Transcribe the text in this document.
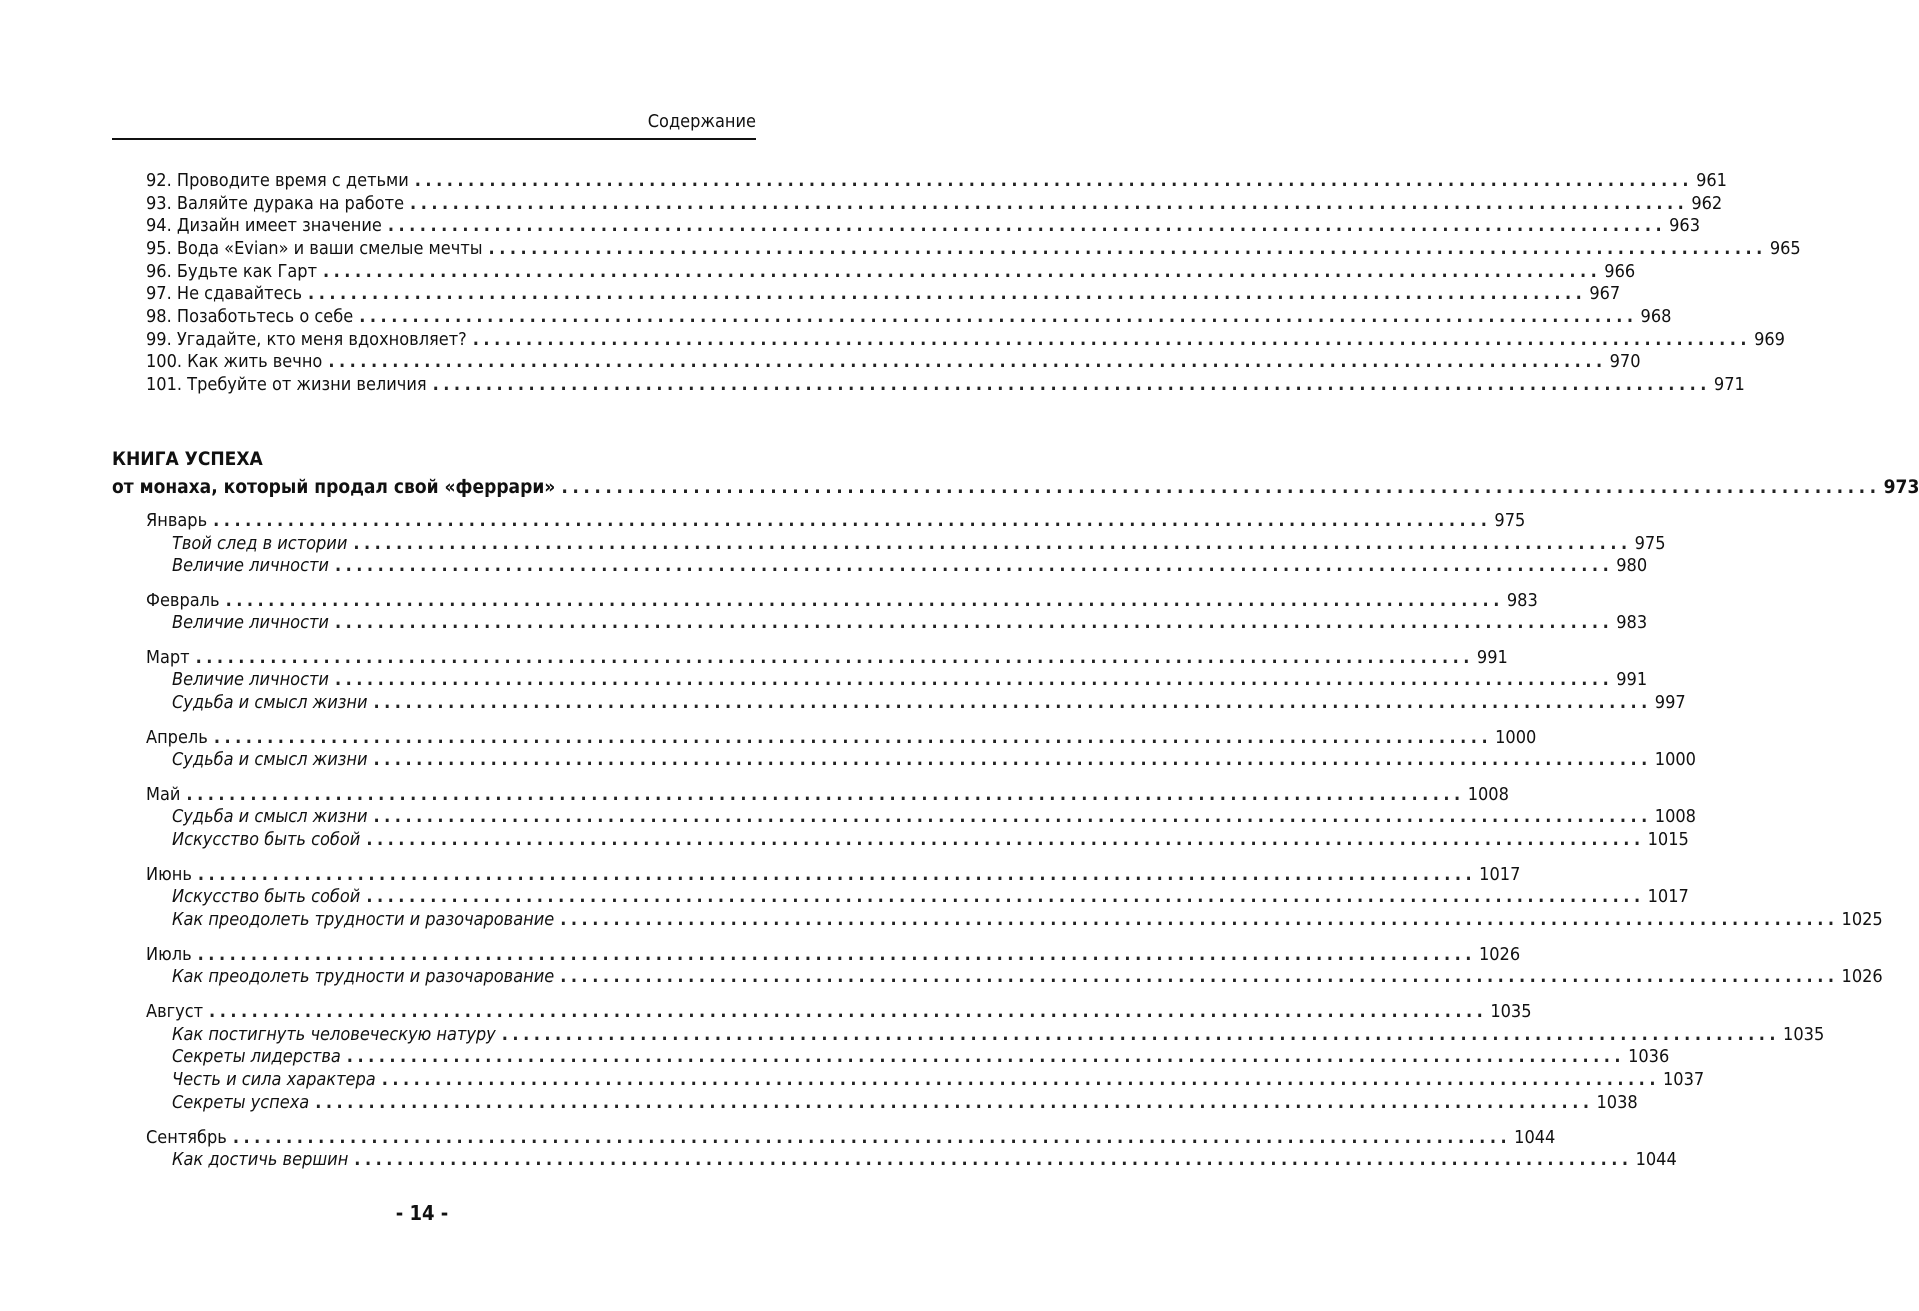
Содержание
92. Проводите время с детьми ........................................................................................................................ 961
93. Валяйте дурака на работе ........................................................................................................................ 962
94. Дизайн имеет значение ........................................................................................................................ 963
95. Вода «Evian» и ваши смелые мечты ........................................................................................................................ 965
96. Будьте как Гарт ........................................................................................................................ 966
97. Не сдавайтесь ........................................................................................................................ 967
98. Позаботьтесь о себе ........................................................................................................................ 968
99. Угадайте, кто меня вдохновляет? ........................................................................................................................ 969
100. Как жить вечно ........................................................................................................................ 970
101. Требуйте от жизни величия ........................................................................................................................ 971
КНИГА УСПЕХА
от монаха, который продал свой «феррари» ........................................................................................................................ 973
Январь ........................................................................................................................ 975
Твой след в истории ........................................................................................................................ 975
Величие личности ........................................................................................................................ 980
Февраль ........................................................................................................................ 983
Величие личности ........................................................................................................................ 983
Март ........................................................................................................................ 991
Величие личности ........................................................................................................................ 991
Судьба и смысл жизни ........................................................................................................................ 997
Апрель ........................................................................................................................ 1000
Судьба и смысл жизни ........................................................................................................................ 1000
Май ........................................................................................................................ 1008
Судьба и смысл жизни ........................................................................................................................ 1008
Искусство быть собой ........................................................................................................................ 1015
Июнь ........................................................................................................................ 1017
Искусство быть собой ........................................................................................................................ 1017
Как преодолеть трудности и разочарование ........................................................................................................................ 1025
Июль ........................................................................................................................ 1026
Как преодолеть трудности и разочарование ........................................................................................................................ 1026
Август ........................................................................................................................ 1035
Как постигнуть человеческую натуру ........................................................................................................................ 1035
Секреты лидерства ........................................................................................................................ 1036
Честь и сила характера ........................................................................................................................ 1037
Секреты успеха ........................................................................................................................ 1038
Сентябрь ........................................................................................................................ 1044
Как достичь вершин ........................................................................................................................ 1044
- 14 -
